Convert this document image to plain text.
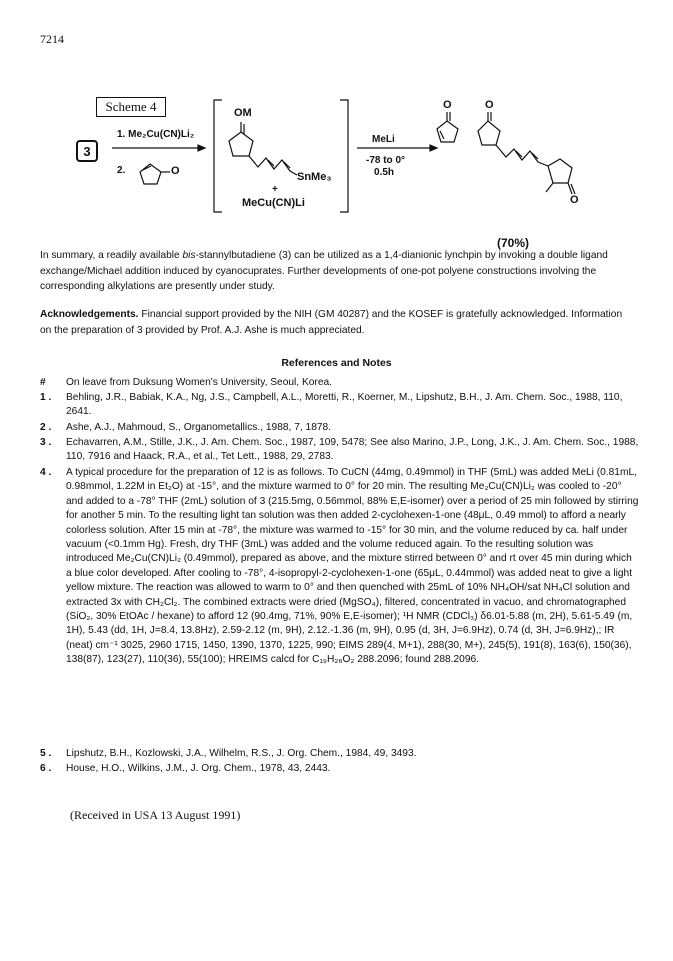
7214
Scheme 4
3
1. Me₂Cu(CN)Li₂
2.	O
OM
SnMe₃
+
MeCu(CN)Li
MeLi
-78 to 0°
0.5h
O	O
O
(70%)
In summary, a readily available bis-stannylbutadiene (3) can be utilized as a 1,4-dianionic lynchpin by invoking a double ligand exchange/Michael addition induced by cyanocuprates. Further developments of one-pot polyene constructions involving the corresponding alkylations are presently under study.
Acknowledgements. Financial support provided by the NIH (GM 40287) and the KOSEF is gratefully acknowledged. Information on the preparation of 3 provided by Prof. A.J. Ashe is much appreciated.
References and Notes
#	On leave from Duksung Women's University, Seoul, Korea.
1 .	Behling, J.R., Babiak, K.A., Ng, J.S., Campbell, A.L., Moretti, R., Koerner, M., Lipshutz, B.H., J. Am. Chem. Soc., 1988, 110, 2641.
2 .	Ashe, A.J., Mahmoud, S., Organometallics., 1988, 7, 1878.
3 .	Echavarren, A.M., Stille, J.K., J. Am. Chem. Soc., 1987, 109, 5478; See also Marino, J.P., Long, J.K., J. Am. Chem. Soc., 1988, 110, 7916 and Haack, R.A., et al., Tet Lett., 1988, 29, 2783.
4 .	A typical procedure for the preparation of 12 is as follows. To CuCN (44mg, 0.49mmol) in THF (5mL) was added MeLi (0.81mL, 0.98mmol, 1.22M in Et₂O) at -15°, and the mixture warmed to 0° for 20 min. The resulting Me₂Cu(CN)Li₂ was cooled to -20° and added to a -78° THF (2mL) solution of 3 (215.5mg, 0.56mmol, 88% E,E-isomer) over a period of 25 min followed by stirring for another 5 min. To the resulting light tan solution was then added 2-cyclohexen-1-one (48μL, 0.49 mmol) to afford a nearly colorless solution. After 15 min at -78°, the mixture was warmed to -15° for 30 min, and the volume reduced by ca. half under vacuum (<0.1mm Hg). Fresh, dry THF (3mL) was added and the volume reduced again. To the resulting solution was introduced Me₂Cu(CN)Li₂ (0.49mmol), prepared as above, and the mixture stirred between 0° and rt over 45 min during which a blue color developed. After cooling to -78°, 4-isopropyl-2-cyclohexen-1-one (65μL, 0.44mmol) was added neat to give a light yellow mixture. The reaction was allowed to warm to 0° and then quenched with 25mL of 10% NH₄OH/sat NH₄Cl solution and extracted 3x with CH₂Cl₂. The combined extracts were dried (MgSO₄), filtered, concentrated in vacuo, and chromatographed (SiO₂, 30% EtOAc / hexane) to afford 12 (90.4mg, 71%, 90% E,E-isomer); ¹H NMR (CDCl₃) δ6.01-5.88 (m, 2H), 5.61-5.49 (m, 1H), 5.43 (dd, 1H, J=8.4, 13.8Hz), 2.59-2.12 (m, 9H), 2.12.-1.36 (m, 9H), 0.95 (d, 3H, J=6.9Hz), 0.74 (d, 3H, J=6.9Hz),; IR (neat) cm⁻¹ 3025, 2960 1715, 1450, 1390, 1370, 1225, 990; EIMS 289(4, M+1), 288(30, M+), 245(5), 191(8), 163(6), 150(36), 138(87), 123(27), 110(36), 55(100); HREIMS calcd for C₁₉H₂₈O₂ 288.2096; found 288.2096.
5 .	Lipshutz, B.H., Kozlowski, J.A., Wilhelm, R.S., J. Org. Chem., 1984, 49, 3493.
6 .	House, H.O., Wilkins, J.M., J. Org. Chem., 1978, 43, 2443.
(Received in USA 13 August 1991)
